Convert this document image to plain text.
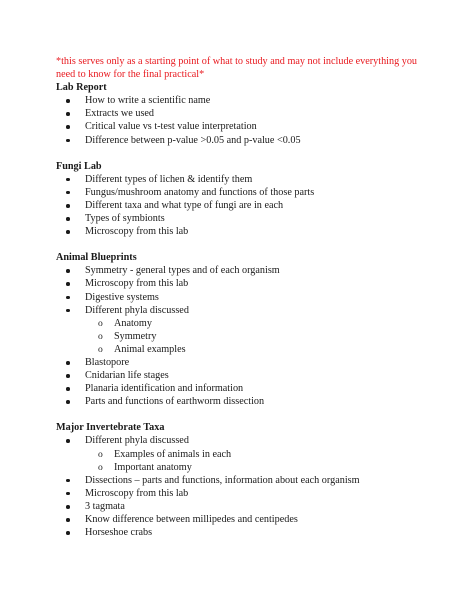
*this serves only as a starting point of what to study and may not include everything you need to know for the final practical*

Lab Report

How to write a scientific name
Extracts we used
Critical value vs t-test value interpretation
Difference between p-value >0.05 and p-value <0.05

Fungi Lab

Different types of lichen & identify them
Fungus/mushroom anatomy and functions of those parts
Different taxa and what type of fungi are in each
Types of symbionts
Microscopy from this lab

Animal Blueprints

Symmetry - general types and of each organism
Microscopy from this lab
Digestive systems
Different phyla discussed
o Anatomy
o Symmetry
o Animal examples
Blastopore
Cnidarian life stages
Planaria identification and information
Parts and functions of earthworm dissection

Major Invertebrate Taxa

Different phyla discussed
o Examples of animals in each
o Important anatomy
Dissections – parts and functions, information about each organism
Microscopy from this lab
3 tagmata
Know difference between millipedes and centipedes
Horseshoe crabs
